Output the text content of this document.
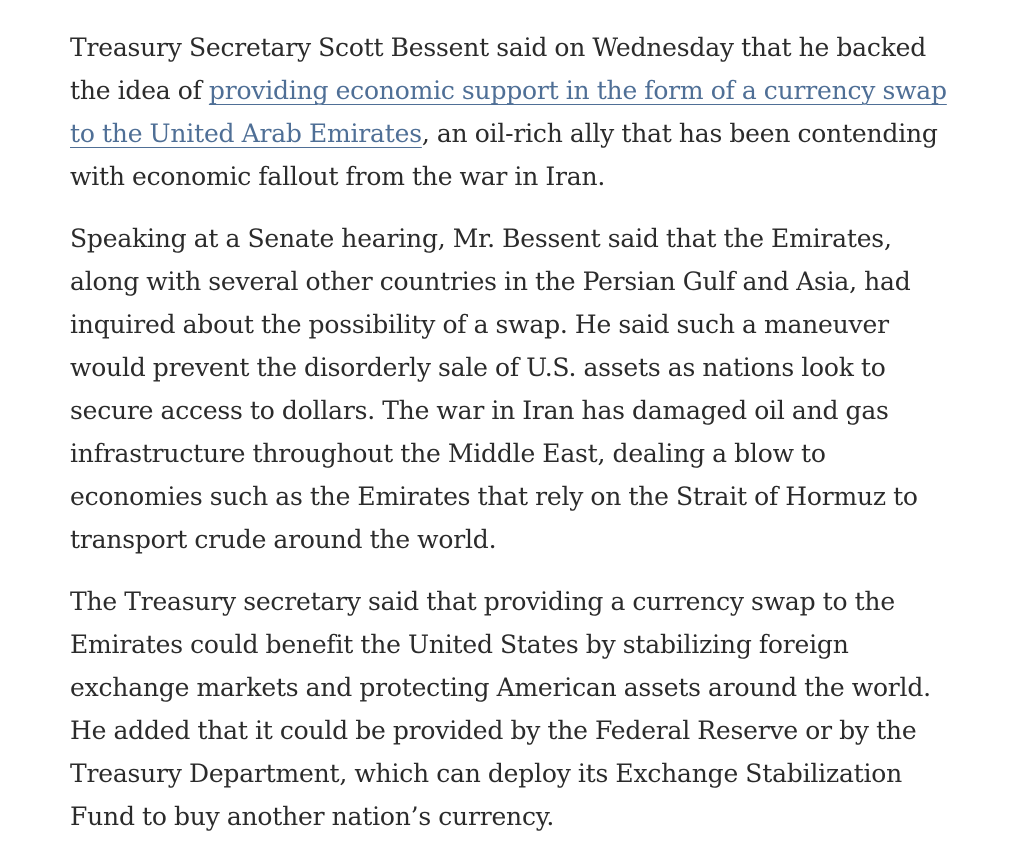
Treasury Secretary Scott Bessent said on Wednesday that he backed the idea of providing economic support in the form of a currency swap to the United Arab Emirates, an oil-rich ally that has been contending with economic fallout from the war in Iran.

Speaking at a Senate hearing, Mr. Bessent said that the Emirates, along with several other countries in the Persian Gulf and Asia, had inquired about the possibility of a swap. He said such a maneuver would prevent the disorderly sale of U.S. assets as nations look to secure access to dollars. The war in Iran has damaged oil and gas infrastructure throughout the Middle East, dealing a blow to economies such as the Emirates that rely on the Strait of Hormuz to transport crude around the world.

The Treasury secretary said that providing a currency swap to the Emirates could benefit the United States by stabilizing foreign exchange markets and protecting American assets around the world. He added that it could be provided by the Federal Reserve or by the Treasury Department, which can deploy its Exchange Stabilization Fund to buy another nation’s currency.
